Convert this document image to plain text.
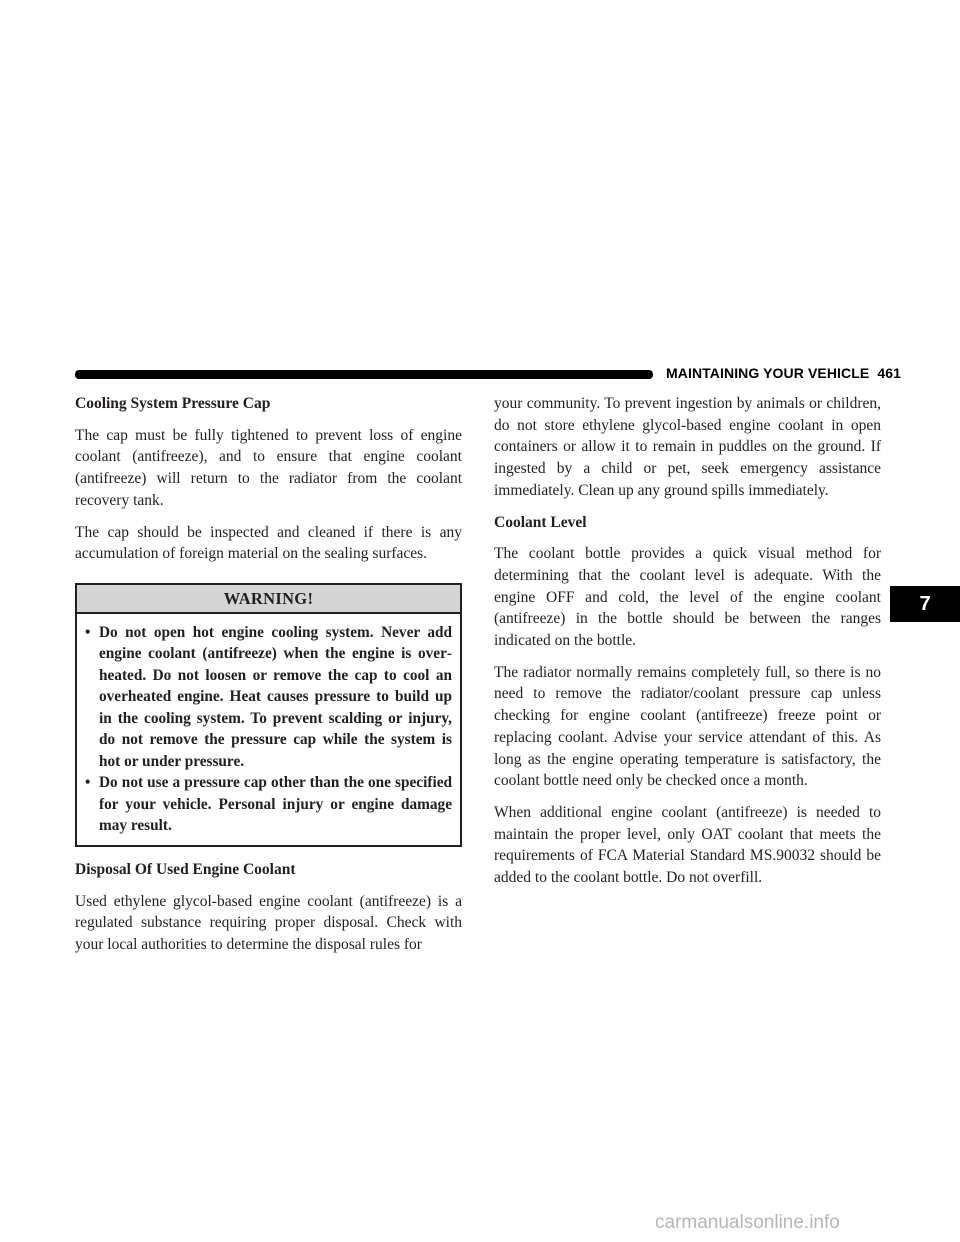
MAINTAINING YOUR VEHICLE 461
Cooling System Pressure Cap

The cap must be fully tightened to prevent loss of engine coolant (antifreeze), and to ensure that engine coolant (antifreeze) will return to the radiator from the coolant recovery tank.

The cap should be inspected and cleaned if there is any accumulation of foreign material on the sealing surfaces.

WARNING!
• Do not open hot engine cooling system. Never add engine coolant (antifreeze) when the engine is overheated. Do not loosen or remove the cap to cool an overheated engine. Heat causes pressure to build up in the cooling system. To prevent scalding or injury, do not remove the pressure cap while the system is hot or under pressure.
• Do not use a pressure cap other than the one specified for your vehicle. Personal injury or engine damage may result.
Disposal Of Used Engine Coolant

Used ethylene glycol-based engine coolant (antifreeze) is a regulated substance requiring proper disposal. Check with your local authorities to determine the disposal rules for

your community. To prevent ingestion by animals or children, do not store ethylene glycol-based engine coolant in open containers or allow it to remain in puddles on the ground. If ingested by a child or pet, seek emergency assistance immediately. Clean up any ground spills immediately.

Coolant Level

The coolant bottle provides a quick visual method for determining that the coolant level is adequate. With the engine OFF and cold, the level of the engine coolant (antifreeze) in the bottle should be between the ranges indicated on the bottle.

The radiator normally remains completely full, so there is no need to remove the radiator/coolant pressure cap unless checking for engine coolant (antifreeze) freeze point or replacing coolant. Advise your service attendant of this. As long as the engine operating temperature is satisfactory, the coolant bottle need only be checked once a month.

When additional engine coolant (antifreeze) is needed to maintain the proper level, only OAT coolant that meets the requirements of FCA Material Standard MS.90032 should be added to the coolant bottle. Do not overfill.

7
carmanualsonline.info
